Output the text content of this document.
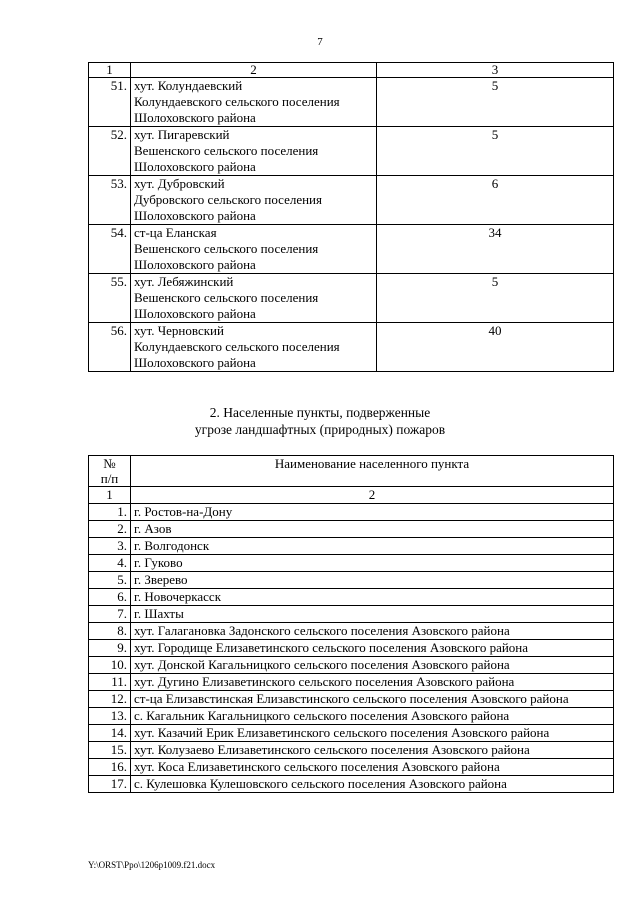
7
1	2	3
51.	хут. Колундаевский
Колундаевского сельского поселения
Шолоховского района	5
52.	хут. Пигаревский
Вешенского сельского поселения
Шолоховского района	5
53.	хут. Дубровский
Дубровского сельского поселения
Шолоховского района	6
54.	ст-ца Еланская
Вешенского сельского поселения
Шолоховского района	34
55.	хут. Лебяжинский
Вешенского сельского поселения
Шолоховского района	5
56.	хут. Черновский
Колундаевского сельского поселения
Шолоховского района	40
2. Населенные пункты, подверженные
угрозе ландшафтных (природных) пожаров
№
п/п	Наименование населенного пункта
1	2
1.	г. Ростов-на-Дону
2.	г. Азов
3.	г. Волгодонск
4.	г. Гуково
5.	г. Зверево
6.	г. Новочеркасск
7.	г. Шахты
8.	хут. Галагановка Задонского сельского поселения Азовского района
9.	хут. Городище Елизаветинского сельского поселения Азовского района
10.	хут. Донской Кагальницкого сельского поселения Азовского района
11.	хут. Дугино Елизаветинского сельского поселения Азовского района
12.	ст-ца Елизавстинская Елизавстинского сельского поселения Азовского района
13.	с. Кагальник Кагальницкого сельского поселения Азовского района
14.	хут. Казачий Ерик Елизаветинского сельского поселения Азовского района
15.	хут. Колузаево Елизаветинского сельского поселения Азовского района
16.	хут. Коса Елизаветинского сельского поселения Азовского района
17.	с. Кулешовка Кулешовского сельского поселения Азовского района
Y:\ORST\Ppo\1206p1009.f21.docx
